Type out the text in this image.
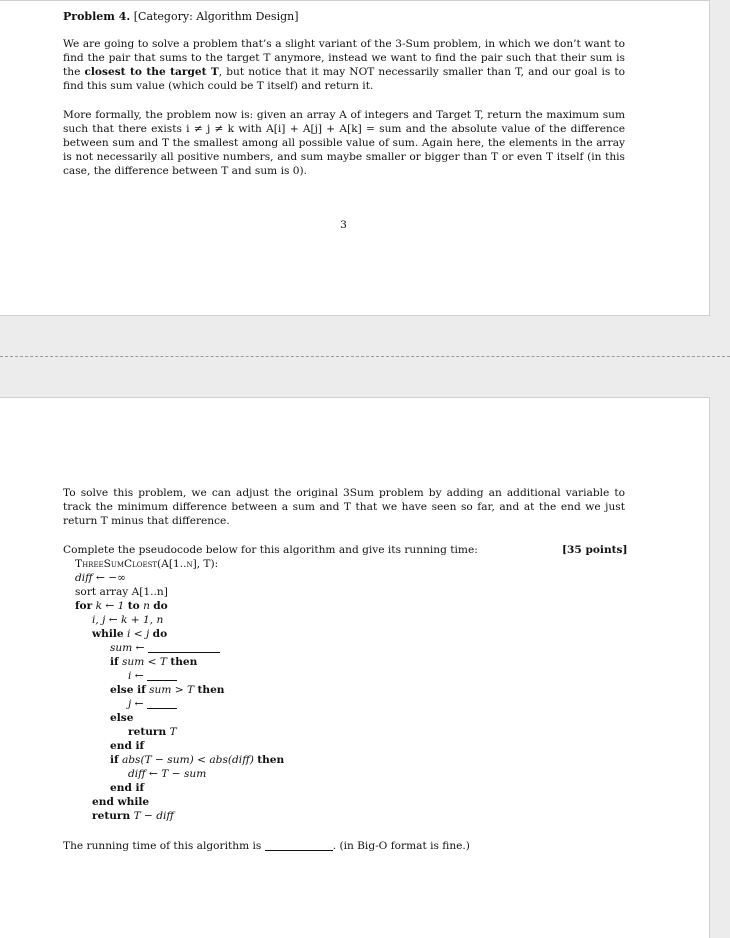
Problem 4. [Category: Algorithm Design]

We are going to solve a problem that’s a slight variant of the 3-Sum problem, in which we don’t want to find the pair that sums to the target T anymore, instead we want to find the pair such that their sum is the closest to the target T, but notice that it may NOT necessarily smaller than T, and our goal is to find this sum value (which could be T itself) and return it.

More formally, the problem now is: given an array A of integers and Target T, return the maximum sum such that there exists i ≠ j ≠ k with A[i] + A[j] + A[k] = sum and the absolute value of the difference between sum and T the smallest among all possible value of sum. Again here, the elements in the array is not necessarily all positive numbers, and sum maybe smaller or bigger than T or even T itself (in this case, the difference between T and sum is 0).

3

To solve this problem, we can adjust the original 3Sum problem by adding an additional variable to track the minimum difference between a sum and T that we have seen so far, and at the end we just return T minus that difference.

Complete the pseudocode below for this algorithm and give its running time:	[35 points]
ThreeSumCloest(A[1..n], T):
diff ← −∞
sort array A[1..n]
for k ← 1 to n do
i, j ← k + 1, n
while i < j do
sum ←
if sum < T then
i ←
else if sum > T then
j ←
else
return T
end if
if abs(T − sum) < abs(diff) then
diff ← T − sum
end if
end while
return T − diff
The running time of this algorithm is	. (in Big-O format is fine.)
